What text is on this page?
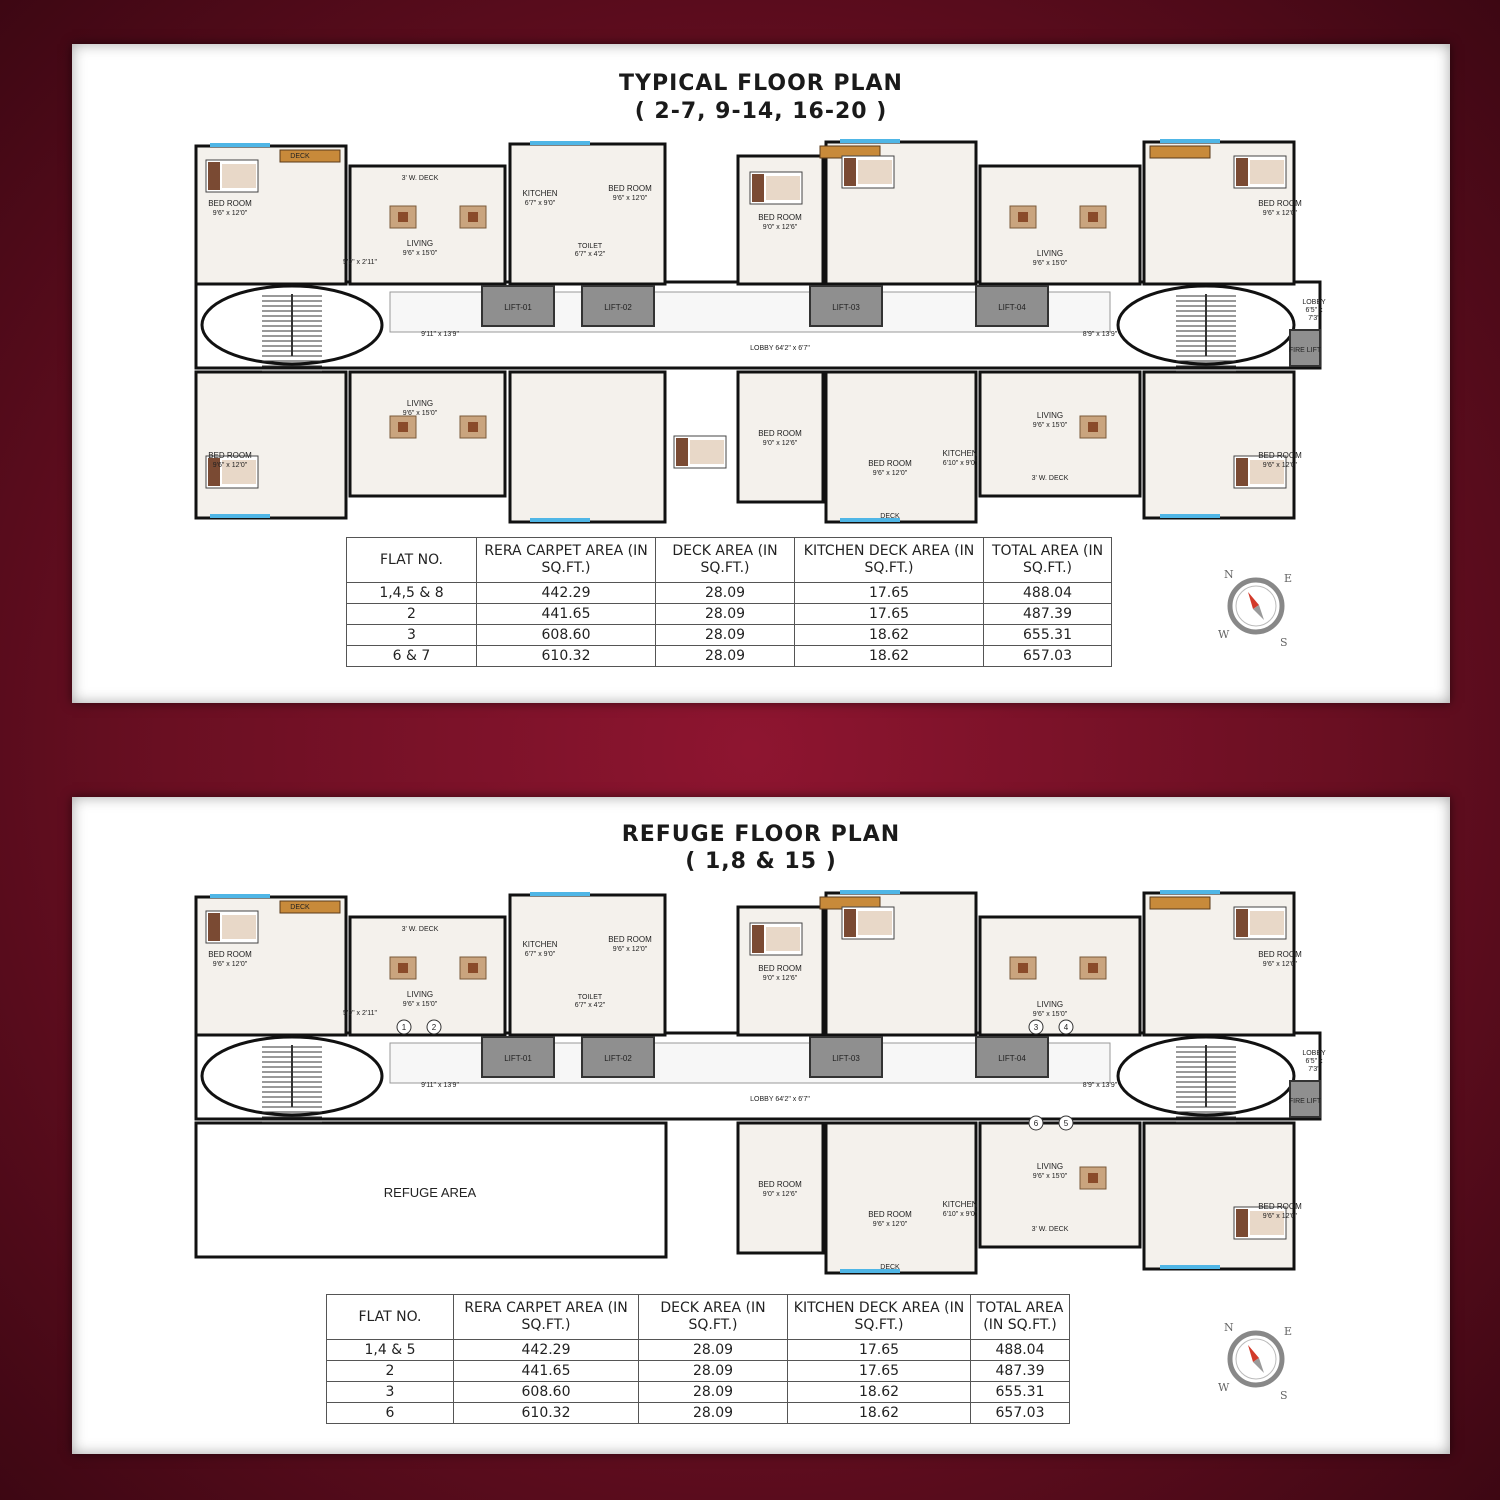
TYPICAL FLOOR PLAN
( 2-7, 9-14, 16-20 )
LIFT-01	LIFT-02	LIFT-03	LIFT-04
FIRE LIFT
LOBBY
6'5" x
7'3"
LOBBY 64'2" x 6'7"
9'11" x 13'9"	8'9" x 13'9"
BED ROOM
9'6" x 12'0"
LIVING
9'6" x 15'0"
KITCHEN
6'7" x 9'0"
BED ROOM
9'6" x 12'0"
BED ROOM
9'0" x 12'6"
LIVING
9'6" x 15'0"
BED ROOM
9'6" x 12'0"
DECK
3' W. DECK
TOILET
6'7" x 4'2"
5'9" x 2'11"
LIVING
9'6" x 15'0"
BED ROOM
9'6" x 12'0"
BED ROOM
9'0" x 12'6"
BED ROOM
9'6" x 12'0"
KITCHEN
6'10" x 9'0"
LIVING
9'6" x 15'0"
BED ROOM
9'6" x 12'0"
DECK
3' W. DECK
FLAT NO.	RERA CARPET AREA (IN SQ.FT.)	DECK AREA (IN SQ.FT.)	KITCHEN DECK AREA (IN SQ.FT.)	TOTAL AREA (IN SQ.FT.)
1,4,5 & 8	442.29	28.09	17.65	488.04
2	441.65	28.09	17.65	487.39
3	608.60	28.09	18.62	655.31
6 & 7	610.32	28.09	18.62	657.03
N	E
S
W
REFUGE FLOOR PLAN
( 1,8 & 15 )
REFUGE AREA
LIFT-01	LIFT-02	LIFT-03	LIFT-04
FIRE LIFT
LOBBY
6'5" x
7'3"
LOBBY 64'2" x 6'7"
9'11" x 13'9"	8'9" x 13'9"
BED ROOM
9'6" x 12'0"
LIVING
9'6" x 15'0"
KITCHEN
6'7" x 9'0"
BED ROOM
9'6" x 12'0"
BED ROOM
9'0" x 12'6"
LIVING
9'6" x 15'0"
BED ROOM
9'6" x 12'0"
DECK
3' W. DECK
TOILET
6'7" x 4'2"
5'9" x 2'11"
BED ROOM
9'0" x 12'6"
BED ROOM
9'6" x 12'0"
KITCHEN
6'10" x 9'0"
LIVING
9'6" x 15'0"
BED ROOM
9'6" x 12'0"
DECK
3' W. DECK
1	2	3	4
5
6
FLAT NO.	RERA CARPET AREA (IN SQ.FT.)	DECK AREA (IN SQ.FT.)	KITCHEN DECK AREA (IN SQ.FT.)	TOTAL AREA (IN SQ.FT.)
1,4 & 5	442.29	28.09	17.65	488.04
2	441.65	28.09	17.65	487.39
3	608.60	28.09	18.62	655.31
6	610.32	28.09	18.62	657.03
N	E
S
W
